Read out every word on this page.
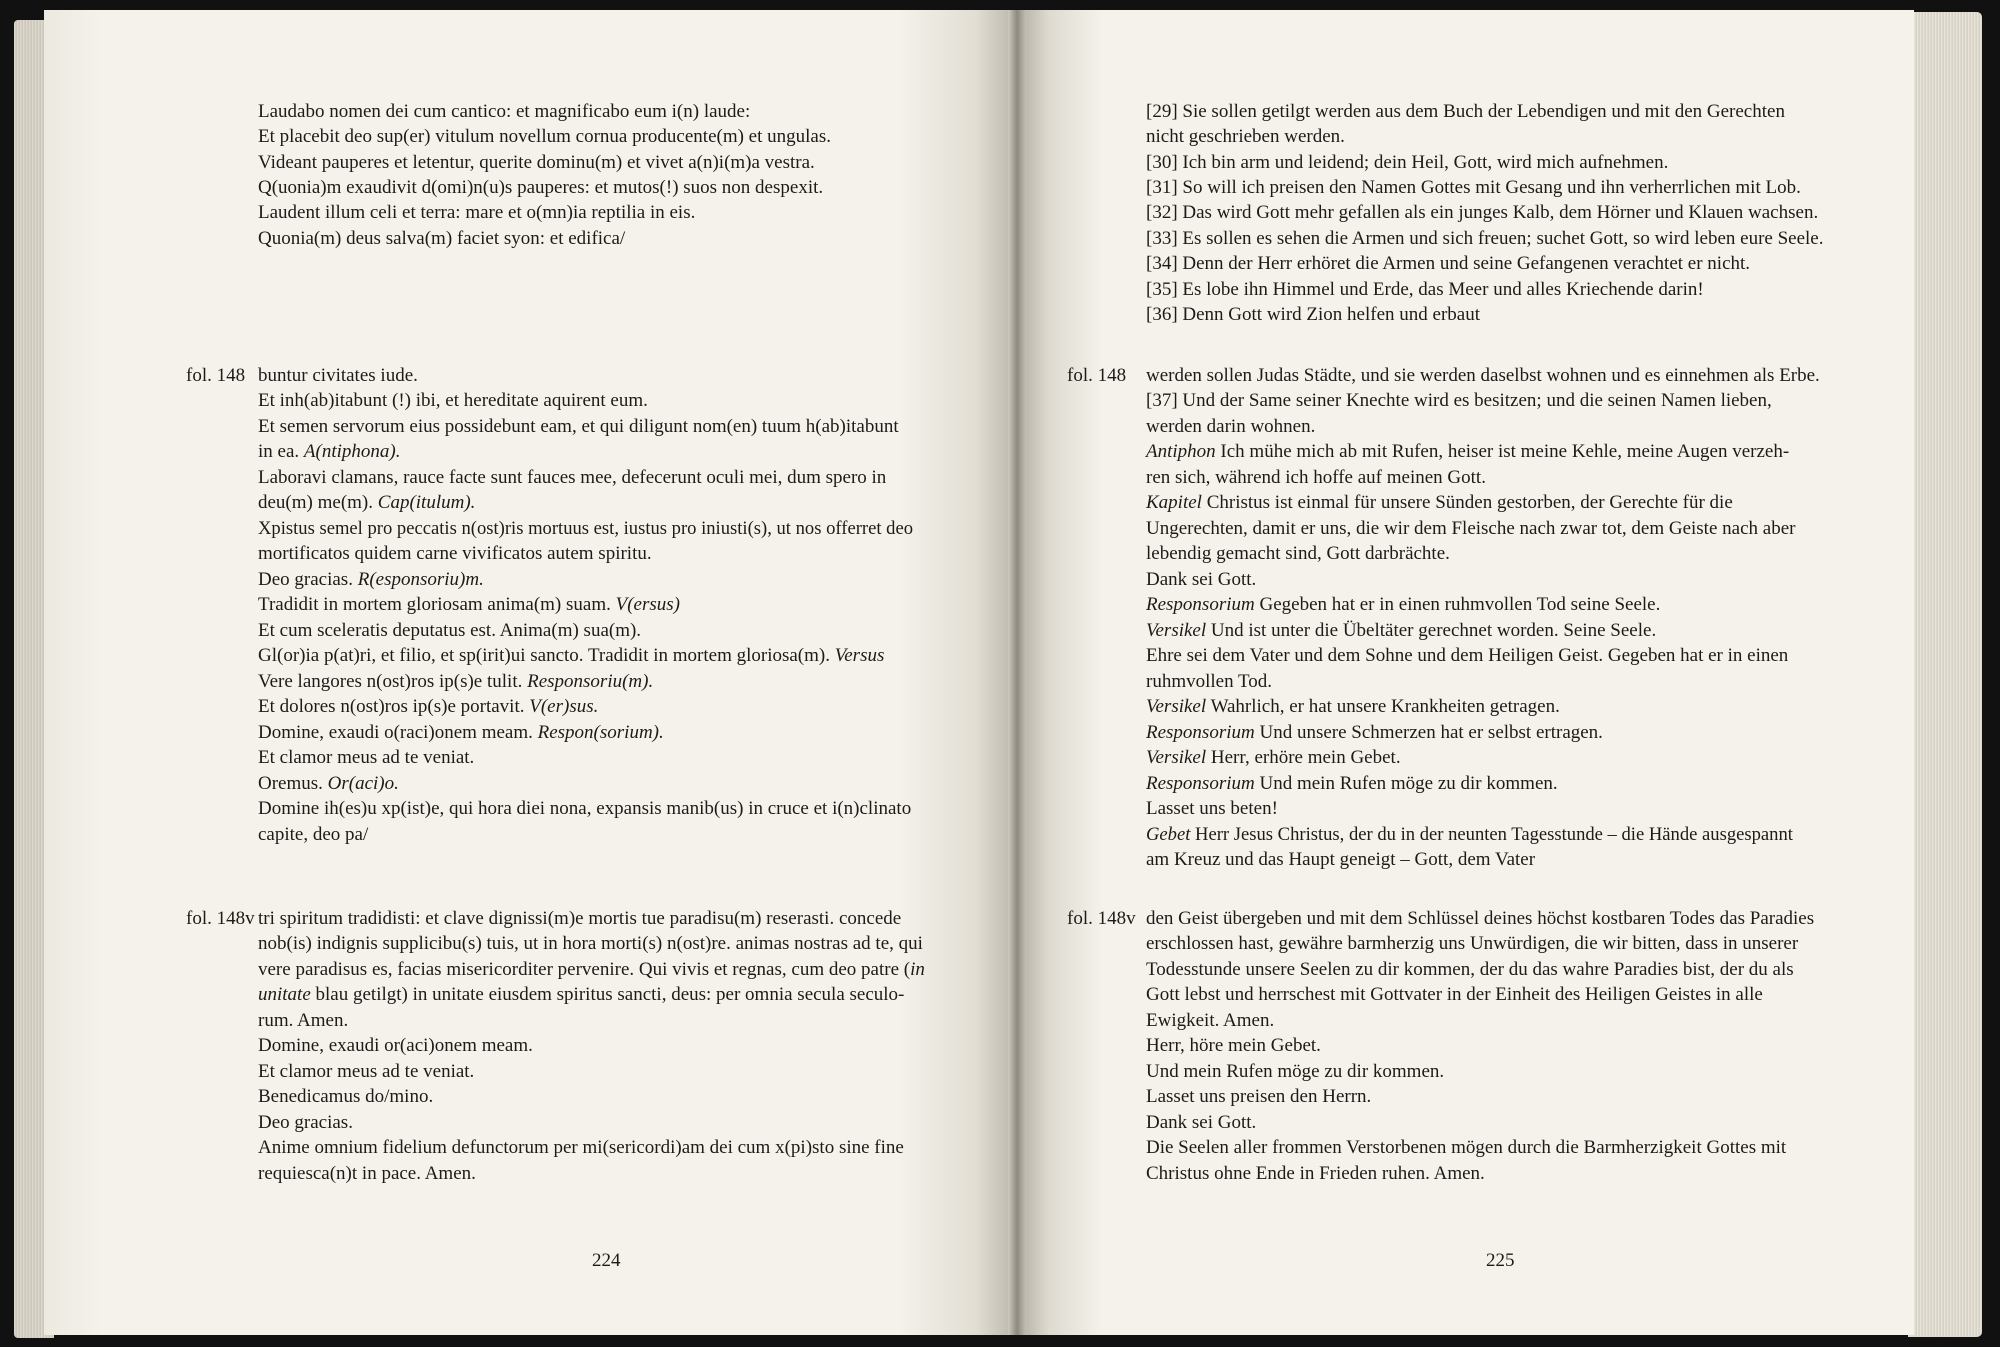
Laudabo nomen dei cum cantico: et magnificabo eum i(n) laude:
Et placebit deo sup(er) vitulum novellum cornua producente(m) et ungulas.
Videant pauperes et letentur, querite dominu(m) et vivet a(n)i(m)a vestra.
Q(uonia)m exaudivit d(omi)n(u)s pauperes: et mutos(!) suos non despexit.
Laudent illum celi et terra: mare et o(mn)ia reptilia in eis.
Quonia(m) deus salva(m) faciet syon: et edifica/
fol. 148 buntur civitates iude.
Et inh(ab)itabunt (!) ibi, et hereditate aquirent eum.
Et semen servorum eius possidebunt eam, et qui diligunt nom(en) tuum h(ab)itabunt
in ea. A(ntiphona).
Laboravi clamans, rauce facte sunt fauces mee, defecerunt oculi mei, dum spero in
deu(m) me(m). Cap(itulum).
Xpistus semel pro peccatis n(ost)ris mortuus est, iustus pro iniusti(s), ut nos offerret deo
mortificatos quidem carne vivificatos autem spiritu.
Deo gracias. R(esponsoriu)m.
Tradidit in mortem gloriosam anima(m) suam. V(ersus)
Et cum sceleratis deputatus est. Anima(m) sua(m).
Gl(or)ia p(at)ri, et filio, et sp(irit)ui sancto. Tradidit in mortem gloriosa(m). Versus
Vere langores n(ost)ros ip(s)e tulit. Responsoriu(m).
Et dolores n(ost)ros ip(s)e portavit. V(er)sus.
Domine, exaudi o(raci)onem meam. Respon(sorium).
Et clamor meus ad te veniat.
Oremus. Or(aci)o.
Domine ih(es)u xp(ist)e, qui hora diei nona, expansis manib(us) in cruce et i(n)clinato
capite, deo pa/
fol. 148v tri spiritum tradidisti: et clave dignissi(m)e mortis tue paradisu(m) reserasti. concede
nob(is) indignis supplicibu(s) tuis, ut in hora morti(s) n(ost)re. animas nostras ad te, qui
vere paradisus es, facias misericorditer pervenire. Qui vivis et regnas, cum deo patre (in
unitate blau getilgt) in unitate eiusdem spiritus sancti, deus: per omnia secula seculo-
rum. Amen.
Domine, exaudi or(aci)onem meam.
Et clamor meus ad te veniat.
Benedicamus do/mino.
Deo gracias.
Anime omnium fidelium defunctorum per mi(sericordi)am dei cum x(pi)sto sine fine
requiesca(n)t in pace. Amen.
224
[29] Sie sollen getilgt werden aus dem Buch der Lebendigen und mit den Gerechten
nicht geschrieben werden.
[30] Ich bin arm und leidend; dein Heil, Gott, wird mich aufnehmen.
[31] So will ich preisen den Namen Gottes mit Gesang und ihn verherrlichen mit Lob.
[32] Das wird Gott mehr gefallen als ein junges Kalb, dem Hörner und Klauen wachsen.
[33] Es sollen es sehen die Armen und sich freuen; suchet Gott, so wird leben eure Seele.
[34] Denn der Herr erhöret die Armen und seine Gefangenen verachtet er nicht.
[35] Es lobe ihn Himmel und Erde, das Meer und alles Kriechende darin!
[36] Denn Gott wird Zion helfen und erbaut
fol. 148 werden sollen Judas Städte, und sie werden daselbst wohnen und es einnehmen als Erbe.
[37] Und der Same seiner Knechte wird es besitzen; und die seinen Namen lieben,
werden darin wohnen.
Antiphon Ich mühe mich ab mit Rufen, heiser ist meine Kehle, meine Augen verzeh-
ren sich, während ich hoffe auf meinen Gott.
Kapitel Christus ist einmal für unsere Sünden gestorben, der Gerechte für die
Ungerechten, damit er uns, die wir dem Fleische nach zwar tot, dem Geiste nach aber
lebendig gemacht sind, Gott darbrächte.
Dank sei Gott.
Responsorium Gegeben hat er in einen ruhmvollen Tod seine Seele.
Versikel Und ist unter die Übeltäter gerechnet worden. Seine Seele.
Ehre sei dem Vater und dem Sohne und dem Heiligen Geist. Gegeben hat er in einen
ruhmvollen Tod.
Versikel Wahrlich, er hat unsere Krankheiten getragen.
Responsorium Und unsere Schmerzen hat er selbst ertragen.
Versikel Herr, erhöre mein Gebet.
Responsorium Und mein Rufen möge zu dir kommen.
Lasset uns beten!
Gebet Herr Jesus Christus, der du in der neunten Tagesstunde – die Hände ausgespannt
am Kreuz und das Haupt geneigt – Gott, dem Vater
fol. 148v den Geist übergeben und mit dem Schlüssel deines höchst kostbaren Todes das Paradies
erschlossen hast, gewähre barmherzig uns Unwürdigen, die wir bitten, dass in unserer
Todesstunde unsere Seelen zu dir kommen, der du das wahre Paradies bist, der du als
Gott lebst und herrschest mit Gottvater in der Einheit des Heiligen Geistes in alle
Ewigkeit. Amen.
Herr, höre mein Gebet.
Und mein Rufen möge zu dir kommen.
Lasset uns preisen den Herrn.
Dank sei Gott.
Die Seelen aller frommen Verstorbenen mögen durch die Barmherzigkeit Gottes mit
Christus ohne Ende in Frieden ruhen. Amen.
225
